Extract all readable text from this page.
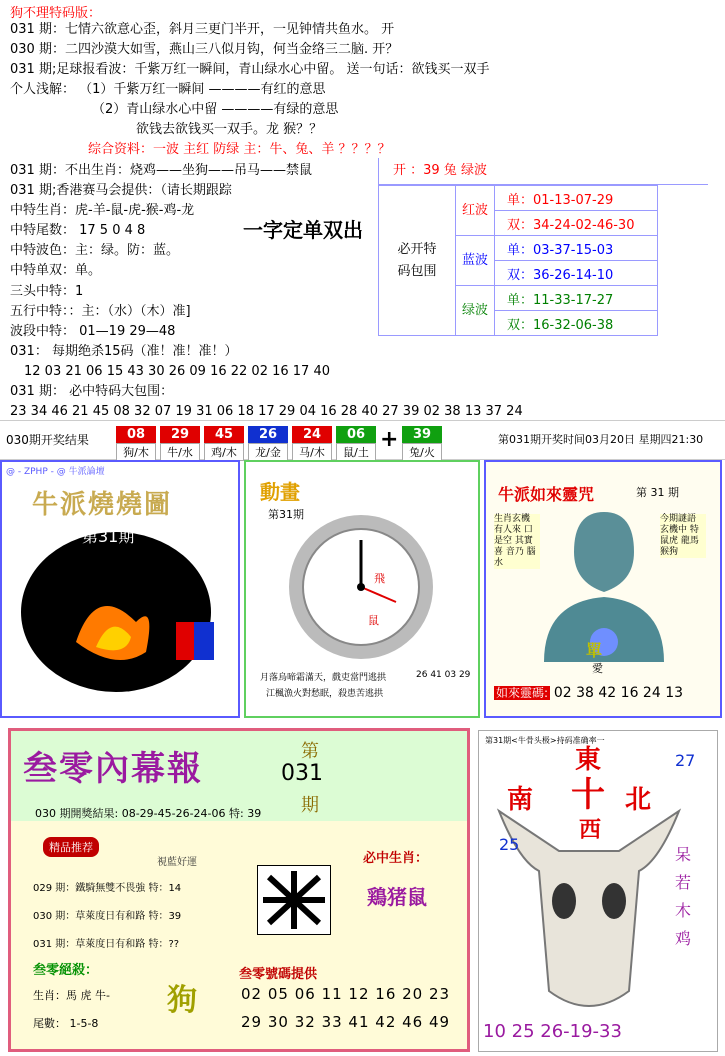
狗不理特码版：
031 期：七情六欲意心歪，斜月三更门半开，一见钟情共鱼水。 开
030 期：二四沙漠大如雪，燕山三八似月钩，何当金络三二脑. 开？
031 期;足球报看波：千紫万红一瞬间，青山绿水心中留。 送一句话：欲钱买一双手
个人浅解： （1）千紫万红一瞬间 ————有红的意思
（2）青山绿水心中留 ————有绿的意思
欲钱去欲钱买一双手。龙 猴？？
综合资料：一波 主红 防绿 主：牛、兔、羊 ？？？？
031 期：不出生肖：烧鸡——坐狗——吊马——禁鼠
031 期;香港赛马会提供：（请长期跟踪
中特生肖：虎-羊-鼠-虎-猴-鸡-龙
中特尾数： 17 5 0 4 8
中特波色：主：绿。防：蓝。
中特单双：单。
三头中特：1
五行中特：：主：（水）（木）准]
波段中特： 01—19 29—48
031： 每期绝杀15码（准！准！准！）
12 03 21 06 15 43 30 26 09 16 22 02 16 17 40
031 期： 必中特码大包围：
23 34 46 21 45 08 32 07 19 31 06 18 17 29 04 16 28 40 27 39 02 38 13 37 24
一字定单双出
开 ：39 兔 绿波
必开特码包围	红波	单：01-13-07-29
		双：34-24-02-46-30
	蓝波	单：03-37-15-03
		双：36-26-14-10
	绿波	单：11-33-17-27
		双：16-32-06-38
030期开奖结果	08
狗/木
29
牛/水
45
鸡/木
26
龙/金
24
马/木
06
鼠/土
+	39
兔/火
第031期开奖时间03月20日 星期四21:30
@ - ZPHP - @ 牛派論壇
牛派燒燒圖
第31期
動畫
第31期
飛
鼠
月落烏啼霜滿天，戲吏當門逃拱	26 41 03 29
江楓漁火對愁眠，殺患苦逃拱
牛派如來靈咒	第 31 期
生肖玄機 有人來 口是空 其實喜 音乃 腦水
今期謎語 玄機中 特 鼠虎 龍馬 猴狗
單
愛
如來靈碼: 02 38 42 16 24 13
叁零內幕報	第
031
期
030 期開獎結果: 08-29-45-26-24-06 特: 39
精品推荐
視藍好運
029 期：鐵騎無雙不畏強 特：14
030 期：草萊度日有和路 特：39
031 期：草萊度日有和路 特：??
必中生肖：
鶏猪鼠
叁零絕殺：
生肖：馬 虎 牛-
尾數： 1-5-8
狗
叁零號碼提供
02 05 06 11 12 16 20 23
29 30 32 33 41 42 46 49
第31期<牛骨头极>持码准确率一
東
南 十 北
西
27
25
呆若木鸡
10 25 26-19-33
